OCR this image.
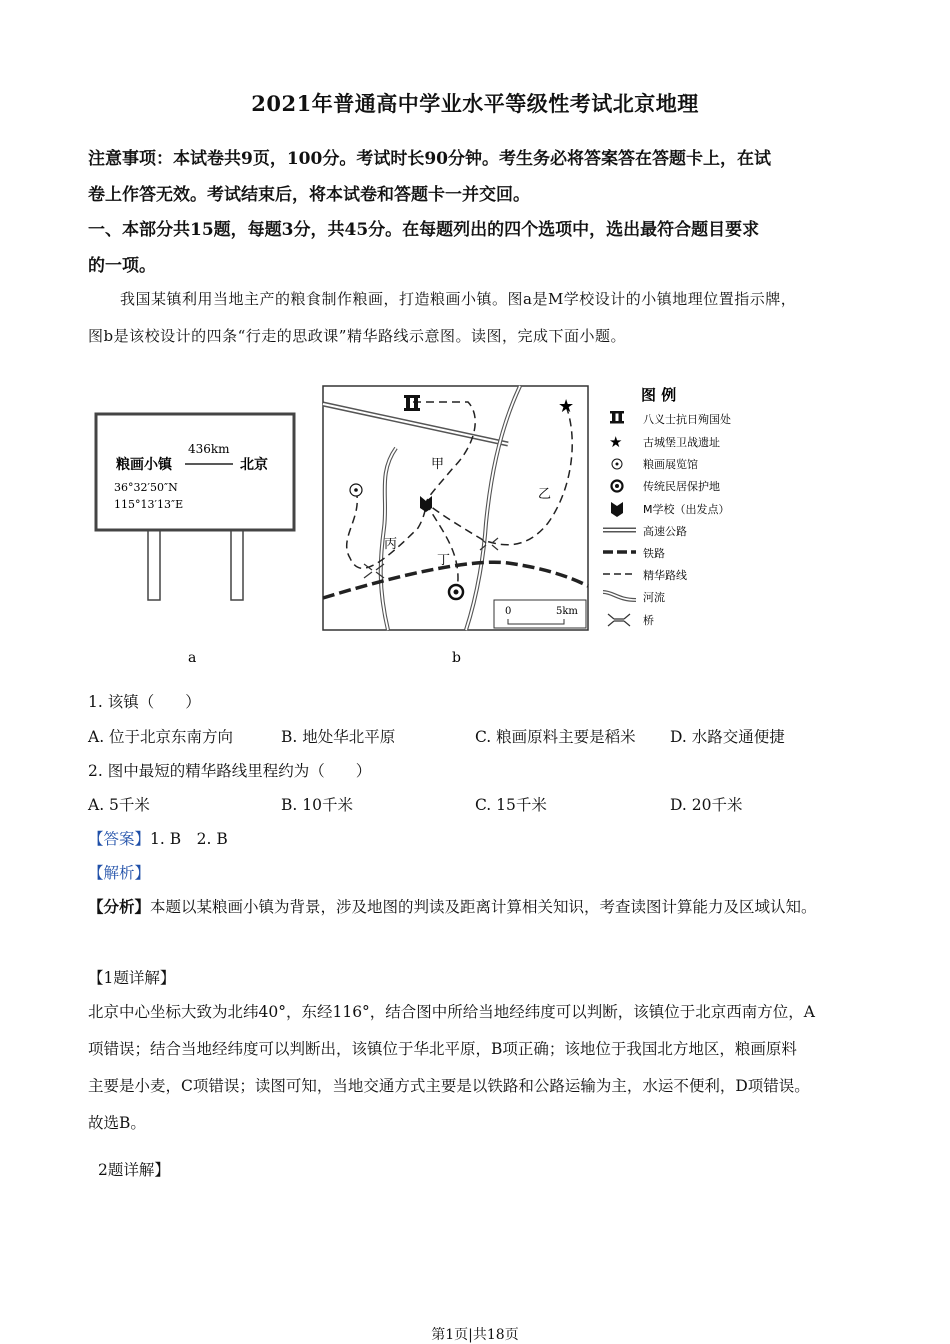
2021年普通高中学业水平等级性考试北京地理
注意事项：本试卷共9页，100分。考试时长90分钟。考生务必将答案答在答题卡上，在试
卷上作答无效。考试结束后，将本试卷和答题卡一并交回。
一、本部分共15题，每题3分，共45分。在每题列出的四个选项中，选出最符合题目要求
的一项。
我国某镇利用当地主产的粮食制作粮画，打造粮画小镇。图a是M学校设计的小镇地理位置指示牌，
图b是该校设计的四条“行走的思政课”精华路线示意图。读图，完成下面小题。
粮画小镇
436km
北京
36°32′50″N
115°13′13″E
a
★
甲
乙
丙
丁
0	5km
b
图 例
八义士抗日殉国处
★ 古城堡卫战遗址
粮画展览馆
传统民居保护地
M学校（出发点）
高速公路
铁路
精华路线
河流
桥
1. 该镇（　　）
A. 位于北京东南方向	B. 地处华北平原	C. 粮画原料主要是稻米 D. 水路交通便捷
2. 图中最短的精华路线里程约为（　　）
A. 5千米	B. 10千米	C. 15千米	D. 20千米
【答案】1. B　2. B
【解析】
【分析】本题以某粮画小镇为背景，涉及地图的判读及距离计算相关知识，考查读图计算能力及区域认知。
【1题详解】
北京中心坐标大致为北纬40°，东经116°，结合图中所给当地经纬度可以判断，该镇位于北京西南方位，A
项错误；结合当地经纬度可以判断出，该镇位于华北平原，B项正确；该地位于我国北方地区，粮画原料
主要是小麦，C项错误；读图可知，当地交通方式主要是以铁路和公路运输为主，水运不便利，D项错误。
故选B。
2题详解】
第1页|共18页
